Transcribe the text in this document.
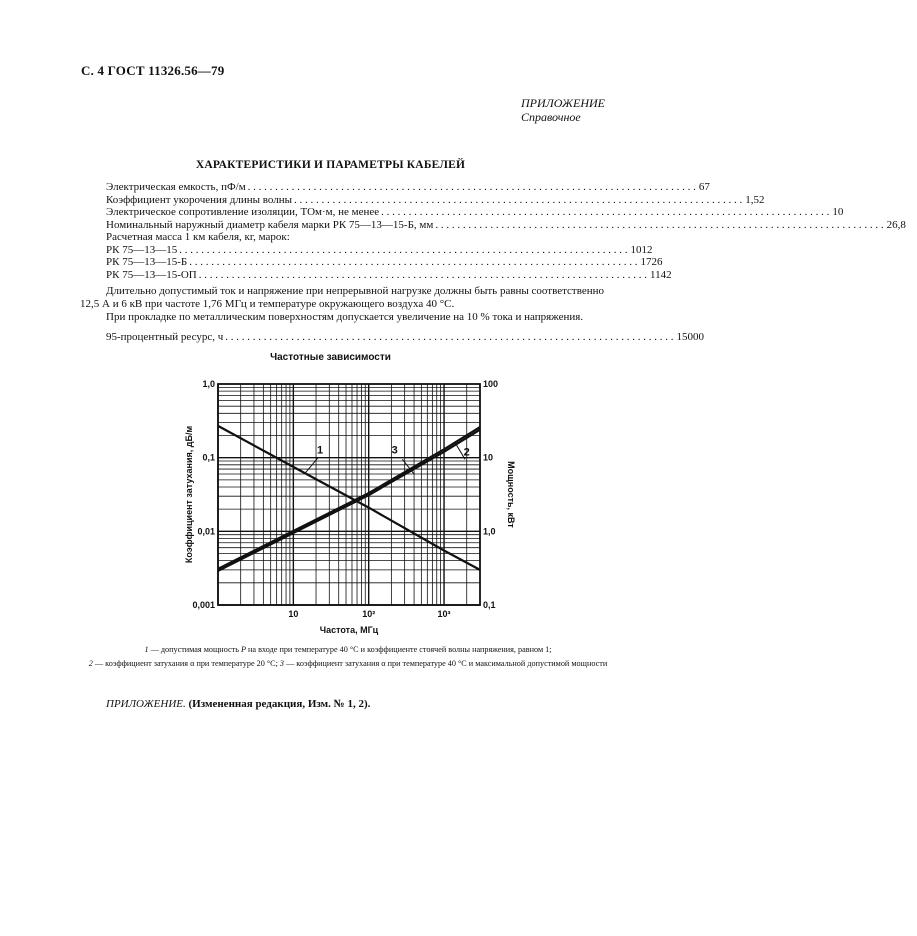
С. 4 ГОСТ 11326.56—79
ПРИЛОЖЕНИЕ
Справочное
ХАРАКТЕРИСТИКИ И ПАРАМЕТРЫ КАБЕЛЕЙ
Электрическая емкость, пФ/м . . .	67
Коэффициент укорочения длины волны . . .	1,52
Электрическое сопротивление изоляции, ТОм·м, не менее . . .	10
Номинальный наружный диаметр кабеля марки РК 75—13—15-Б, мм . . .	26,8
Расчетная масса 1 км кабеля, кг, марок:
РК 75—13—15 . . .	1012
РК 75—13—15-Б . . .	1726
РК 75—13—15-ОП . . .	1142
Длительно допустимый ток и напряжение при непрерывной нагрузке должны быть равны соответственно 12,5 А и 6 кВ при частоте 1,76 МГц и температуре окружающего воздуха 40 °С.
При прокладке по металлическим поверхностям допускается увеличение на 10 % тока и напряжения.
95-процентный ресурс, ч . . .	15000
Частотные зависимости
0,001
0,01
0,1
1,0
0,1
1,0
10
100
10	10²	10³
Частота, МГц
Коэффициент затухания, дБ/м	Мощность, кВт
1	2
3
1 — допустимая мощность P на входе при температуре 40 °С и коэффициенте стоячей волны напряжения, равном 1;
2 — коэффициент затухания α при температуре 20 °С; 3 — коэффициент затухания α при температуре 40 °С и максимальной допустимой мощности
ПРИЛОЖЕНИЕ. (Измененная редакция, Изм. № 1, 2).
